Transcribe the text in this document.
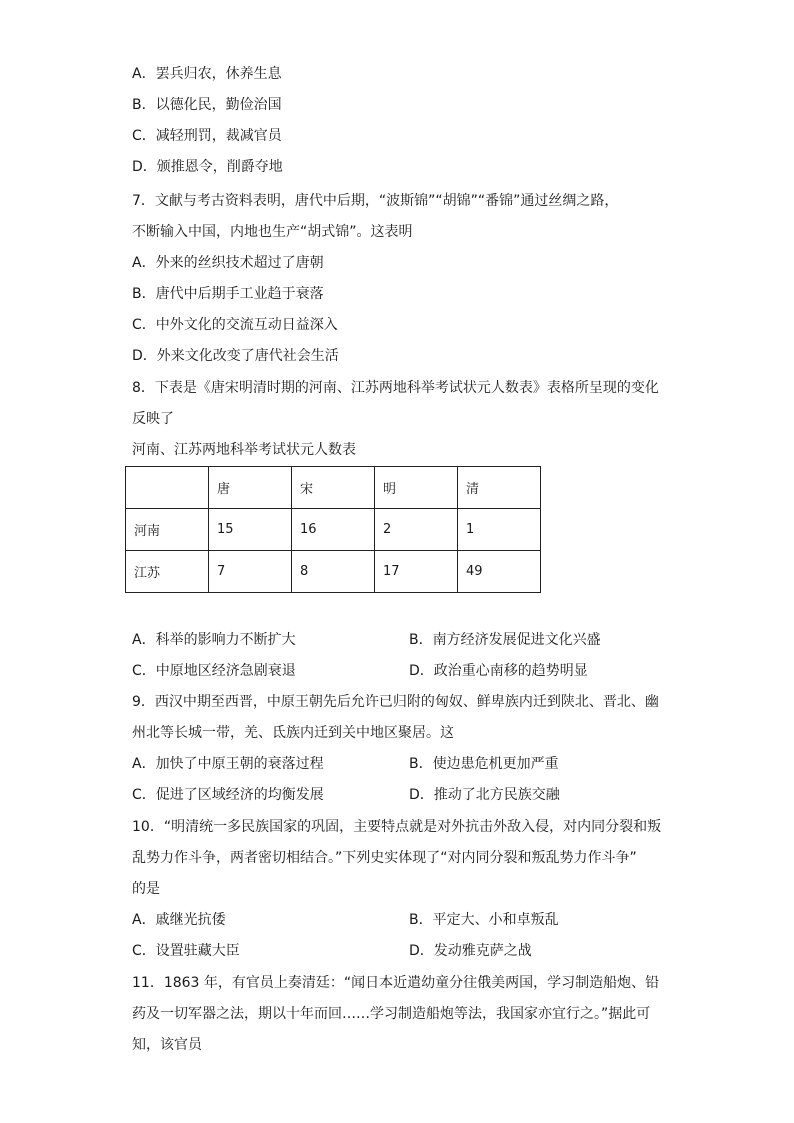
A．罢兵归农，休养生息
B．以德化民，勤俭治国
C．减轻刑罚，裁减官员
D．颁推恩令，削爵夺地
7．文献与考古资料表明，唐代中后期，“波斯锦”“胡锦”“番锦”通过丝绸之路，
不断输入中国，内地也生产“胡式锦”。这表明
A．外来的丝织技术超过了唐朝
B．唐代中后期手工业趋于衰落
C．中外文化的交流互动日益深入
D．外来文化改变了唐代社会生活
8．下表是《唐宋明清时期的河南、江苏两地科举考试状元人数表》表格所呈现的变化
反映了
河南、江苏两地科举考试状元人数表
	唐	宋	明	清
河南	15	16	2	1
江苏	7	8	17	49
A．科举的影响力不断扩大	B．南方经济发展促进文化兴盛
C．中原地区经济急剧衰退	D．政治重心南移的趋势明显
9．西汉中期至西晋，中原王朝先后允许已归附的匈奴、鲜卑族内迁到陕北、晋北、幽
州北等长城一带，羌、氐族内迁到关中地区聚居。这
A．加快了中原王朝的衰落过程	B．使边患危机更加严重
C．促进了区域经济的均衡发展	D．推动了北方民族交融
10．“明清统一多民族国家的巩固，主要特点就是对外抗击外敌入侵，对内同分裂和叛
乱势力作斗争，两者密切相结合。”下列史实体现了“对内同分裂和叛乱势力作斗争”
的是
A．戚继光抗倭	B．平定大、小和卓叛乱
C．设置驻藏大臣	D．发动雅克萨之战
11．1863 年，有官员上奏清廷：“闻日本近遣幼童分往俄美两国，学习制造船炮、铅
药及一切军器之法，期以十年而回……学习制造船炮等法，我国家亦宜行之。”据此可
知，该官员
